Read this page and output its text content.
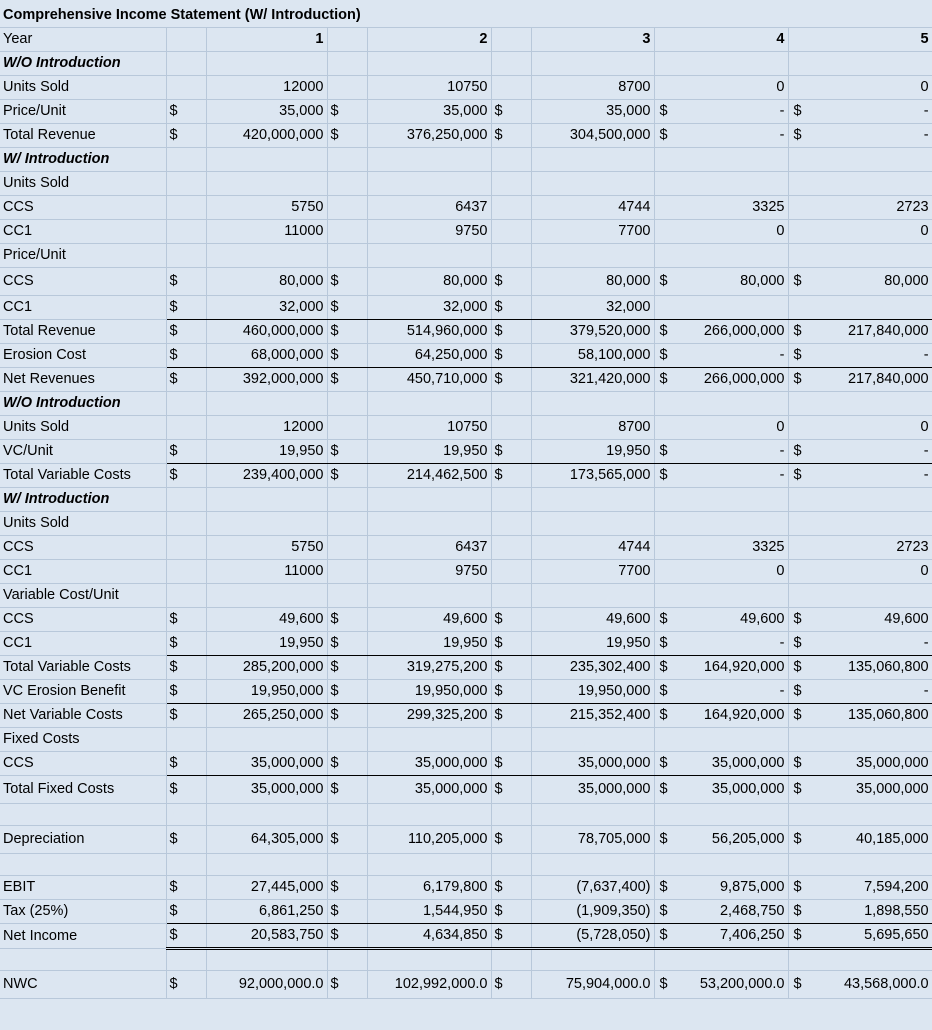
Comprehensive Income Statement (W/ Introduction)								
Year		1		2		3	4	5
W/O Introduction								
Units Sold		12000		10750		8700	0	0
Price/Unit	$	35,000	$	35,000	$	35,000	$ -	$ -
Total Revenue	$	420,000,000	$	376,250,000	$	304,500,000	$ -	$ -
W/ Introduction								
Units Sold								
CCS		5750		6437		4744	3325	2723
CC1		11000		9750		7700	0	0
Price/Unit								
CCS	$	80,000	$	80,000	$	80,000	$ 80,000	$ 80,000
CC1	$	32,000	$	32,000	$	32,000		
Total Revenue	$	460,000,000	$	514,960,000	$	379,520,000	$ 266,000,000	$ 217,840,000
Erosion Cost	$	68,000,000	$	64,250,000	$	58,100,000	$ -	$ -
Net Revenues	$	392,000,000	$	450,710,000	$	321,420,000	$ 266,000,000	$ 217,840,000
W/O Introduction								
Units Sold		12000		10750		8700	0	0
VC/Unit	$	19,950	$	19,950	$	19,950	$ -	$ -
Total Variable Costs	$	239,400,000	$	214,462,500	$	173,565,000	$ -	$ -
W/ Introduction								
Units Sold								
CCS		5750		6437		4744	3325	2723
CC1		11000		9750		7700	0	0
Variable Cost/Unit								
CCS	$	49,600	$	49,600	$	49,600	$ 49,600	$ 49,600
CC1	$	19,950	$	19,950	$	19,950	$ -	$ -
Total Variable Costs	$	285,200,000	$	319,275,200	$	235,302,400	$ 164,920,000	$ 135,060,800
VC Erosion Benefit	$	19,950,000	$	19,950,000	$	19,950,000	$ -	$ -
Net Variable Costs	$	265,250,000	$	299,325,200	$	215,352,400	$ 164,920,000	$ 135,060,800
Fixed Costs								
CCS	$	35,000,000	$	35,000,000	$	35,000,000	$ 35,000,000	$ 35,000,000
Total Fixed Costs	$	35,000,000	$	35,000,000	$	35,000,000	$ 35,000,000	$ 35,000,000

Depreciation	$	64,305,000	$	110,205,000	$	78,705,000	$ 56,205,000	$ 40,185,000

EBIT	$	27,445,000	$	6,179,800	$	(7,637,400)	$ 9,875,000	$ 7,594,200
Tax (25%)	$	6,861,250	$	1,544,950	$	(1,909,350)	$ 2,468,750	$ 1,898,550
Net Income	$	20,583,750	$	4,634,850	$	(5,728,050)	$ 7,406,250	$ 5,695,650

NWC	$	92,000,000.0	$	102,992,000.0	$	75,904,000.0	$ 53,200,000.0	$ 43,568,000.0
